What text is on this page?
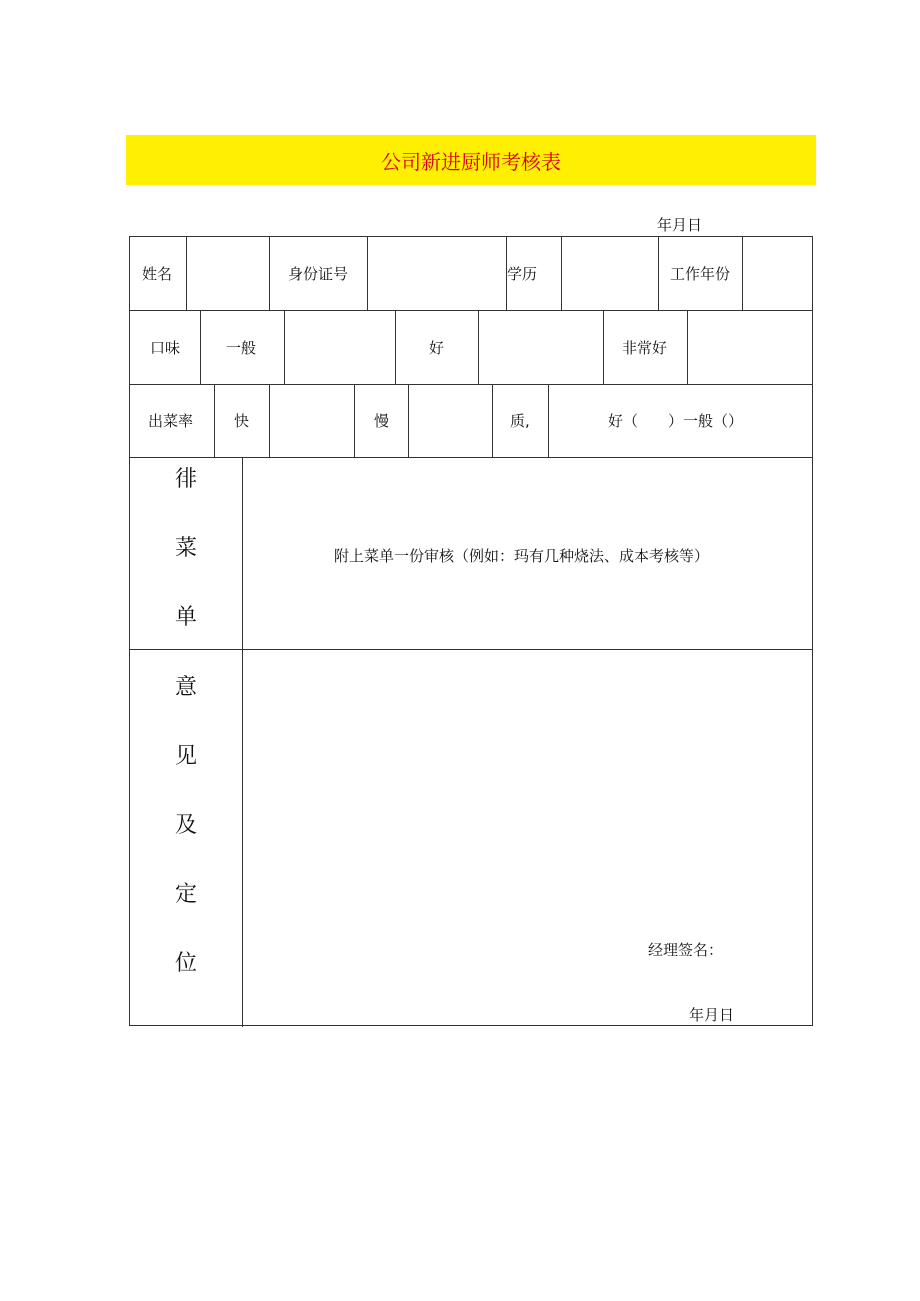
公司新进厨师考核表
年月日
姓名	身份证号	学历	工作年份
口味	一般	好	非常好
出菜率	快	慢	质,	好（　　）一般（）
徘
菜
单
附上菜单一份审核（例如：玛有几种烧法、成本考核等）
意
见
及
定
位
经理签名：
年月日
